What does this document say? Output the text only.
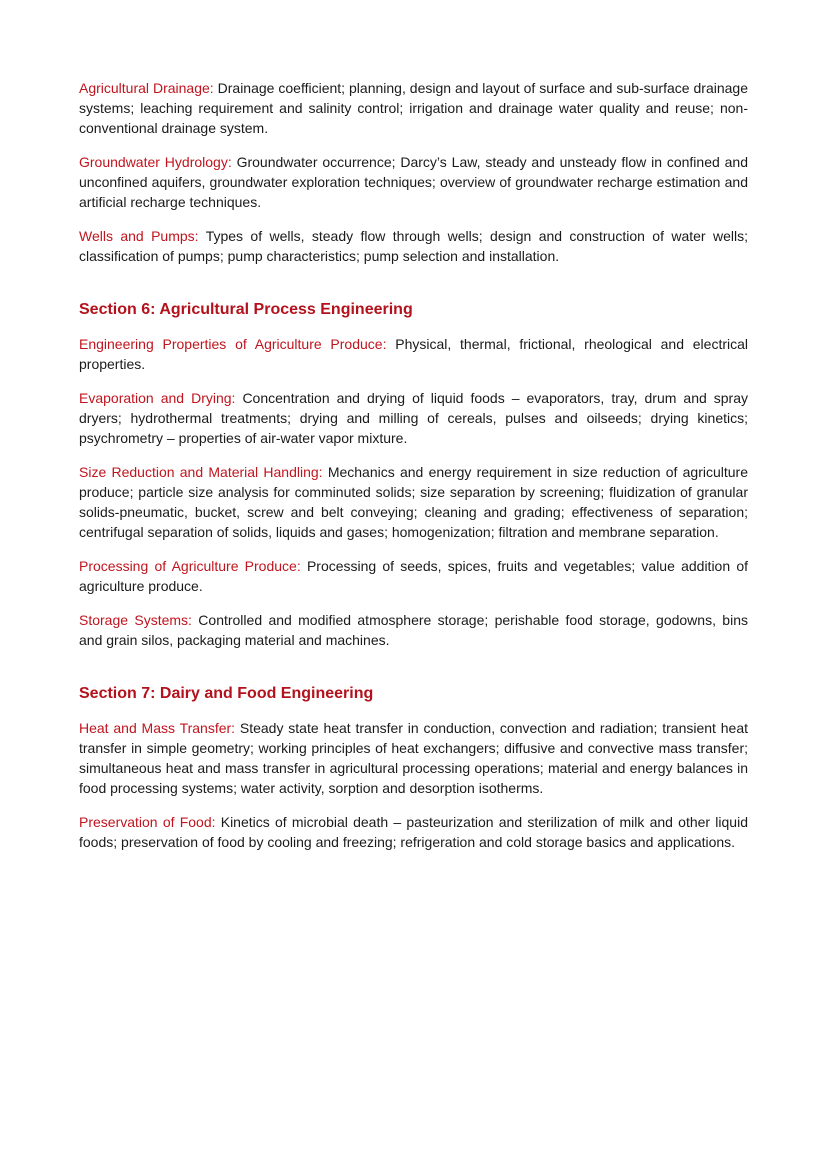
Agricultural Drainage: Drainage coefficient; planning, design and layout of surface and sub-surface drainage systems; leaching requirement and salinity control; irrigation and drainage water quality and reuse; non-conventional drainage system.

Groundwater Hydrology: Groundwater occurrence; Darcy’s Law, steady and unsteady flow in confined and unconfined aquifers, groundwater exploration techniques; overview of groundwater recharge estimation and artificial recharge techniques.

Wells and Pumps: Types of wells, steady flow through wells; design and construction of water wells; classification of pumps; pump characteristics; pump selection and installation.

Section 6: Agricultural Process Engineering

Engineering Properties of Agriculture Produce: Physical, thermal, frictional, rheological and electrical properties.

Evaporation and Drying: Concentration and drying of liquid foods – evaporators, tray, drum and spray dryers; hydrothermal treatments; drying and milling of cereals, pulses and oilseeds; drying kinetics; psychrometry – properties of air-water vapor mixture.

Size Reduction and Material Handling: Mechanics and energy requirement in size reduction of agriculture produce; particle size analysis for comminuted solids; size separation by screening; fluidization of granular solids-pneumatic, bucket, screw and belt conveying; cleaning and grading; effectiveness of separation; centrifugal separation of solids, liquids and gases; homogenization; filtration and membrane separation.

Processing of Agriculture Produce: Processing of seeds, spices, fruits and vegetables; value addition of agriculture produce.

Storage Systems: Controlled and modified atmosphere storage; perishable food storage, godowns, bins and grain silos, packaging material and machines.

Section 7: Dairy and Food Engineering

Heat and Mass Transfer: Steady state heat transfer in conduction, convection and radiation; transient heat transfer in simple geometry; working principles of heat exchangers; diffusive and convective mass transfer; simultaneous heat and mass transfer in agricultural processing operations; material and energy balances in food processing systems; water activity, sorption and desorption isotherms.

Preservation of Food: Kinetics of microbial death – pasteurization and sterilization of milk and other liquid foods; preservation of food by cooling and freezing; refrigeration and cold storage basics and applications.
